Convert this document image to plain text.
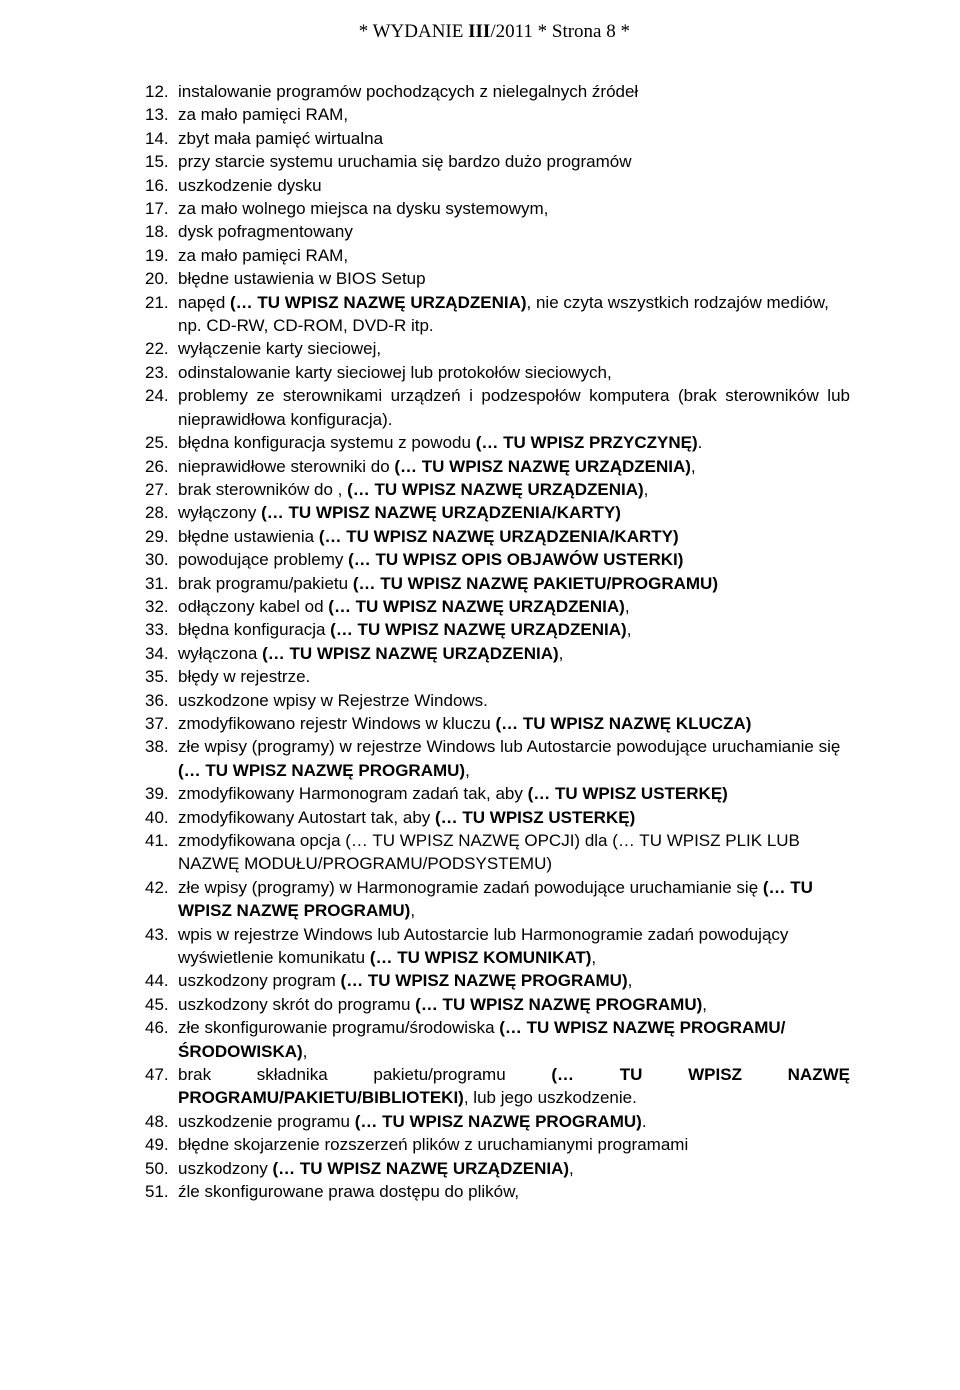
* WYDANIE III/2011 * Strona 8 *
12. instalowanie programów pochodzących z nielegalnych źródeł
13. za mało pamięci RAM,
14. zbyt mała pamięć wirtualna
15. przy starcie systemu uruchamia się bardzo dużo programów
16. uszkodzenie dysku
17. za mało wolnego miejsca na dysku systemowym,
18. dysk pofragmentowany
19. za mało pamięci RAM,
20. błędne ustawienia w BIOS Setup
21. napęd (… TU WPISZ NAZWĘ URZĄDZENIA), nie czyta wszystkich rodzajów mediów, np. CD-RW, CD-ROM, DVD-R itp.
22. wyłączenie karty sieciowej,
23. odinstalowanie karty sieciowej lub protokołów sieciowych,
24. problemy ze sterownikami urządzeń i podzespołów komputera (brak sterowników lub nieprawidłowa konfiguracja).
25. błędna konfiguracja systemu z powodu (… TU WPISZ PRZYCZYNĘ).
26. nieprawidłowe sterowniki do (… TU WPISZ NAZWĘ URZĄDZENIA),
27. brak sterowników do , (… TU WPISZ NAZWĘ URZĄDZENIA),
28. wyłączony (… TU WPISZ NAZWĘ URZĄDZENIA/KARTY)
29. błędne ustawienia (… TU WPISZ NAZWĘ URZĄDZENIA/KARTY)
30. powodujące problemy (… TU WPISZ OPIS OBJAWÓW USTERKI)
31. brak programu/pakietu (… TU WPISZ NAZWĘ PAKIETU/PROGRAMU)
32. odłączony kabel od (… TU WPISZ NAZWĘ URZĄDZENIA),
33. błędna konfiguracja (… TU WPISZ NAZWĘ URZĄDZENIA),
34. wyłączona (… TU WPISZ NAZWĘ URZĄDZENIA),
35. błędy w rejestrze.
36. uszkodzone wpisy w Rejestrze Windows.
37. zmodyfikowano rejestr Windows w kluczu (… TU WPISZ NAZWĘ KLUCZA)
38. złe wpisy (programy) w rejestrze Windows lub Autostarcie powodujące uruchamianie się (… TU WPISZ NAZWĘ PROGRAMU),
39. zmodyfikowany Harmonogram zadań tak, aby (… TU WPISZ USTERKĘ)
40. zmodyfikowany Autostart tak, aby (… TU WPISZ USTERKĘ)
41. zmodyfikowana opcja (… TU WPISZ NAZWĘ OPCJI) dla (… TU WPISZ PLIK LUB NAZWĘ MODUŁU/PROGRAMU/PODSYSTEMU)
42. złe wpisy (programy) w Harmonogramie zadań powodujące uruchamianie się (… TU WPISZ NAZWĘ PROGRAMU),
43. wpis w rejestrze Windows lub Autostarcie lub Harmonogramie zadań powodujący wyświetlenie komunikatu (… TU WPISZ KOMUNIKAT),
44. uszkodzony program (… TU WPISZ NAZWĘ PROGRAMU),
45. uszkodzony skrót do programu (… TU WPISZ NAZWĘ PROGRAMU),
46. złe skonfigurowanie programu/środowiska (… TU WPISZ NAZWĘ PROGRAMU/ŚRODOWISKA),
47. brak składnika pakietu/programu (… TU WPISZ NAZWĘ PROGRAMU/PAKIETU/BIBLIOTEKI), lub jego uszkodzenie.
48. uszkodzenie programu (… TU WPISZ NAZWĘ PROGRAMU).
49. błędne skojarzenie rozszerzeń plików z uruchamianymi programami
50. uszkodzony (… TU WPISZ NAZWĘ URZĄDZENIA),
51. źle skonfigurowane prawa dostępu do plików,
